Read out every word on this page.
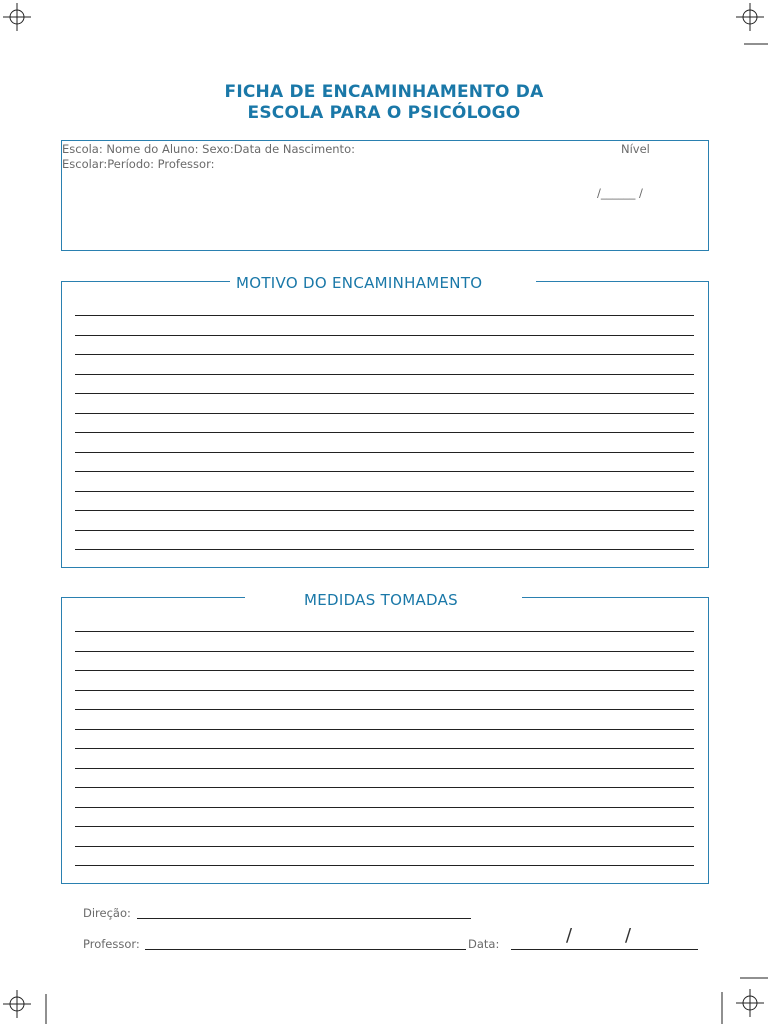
FICHA DE ENCAMINHAMENTO DA
ESCOLA PARA O PSICÓLOGO
Escola: Nome do Aluno: Sexo:Data de Nascimento:	Nível
Escolar:Período: Professor:
/______ /
MOTIVO DO ENCAMINHAMENTO
MEDIDAS TOMADAS
Direção:
Professor:	Data:	/	/
